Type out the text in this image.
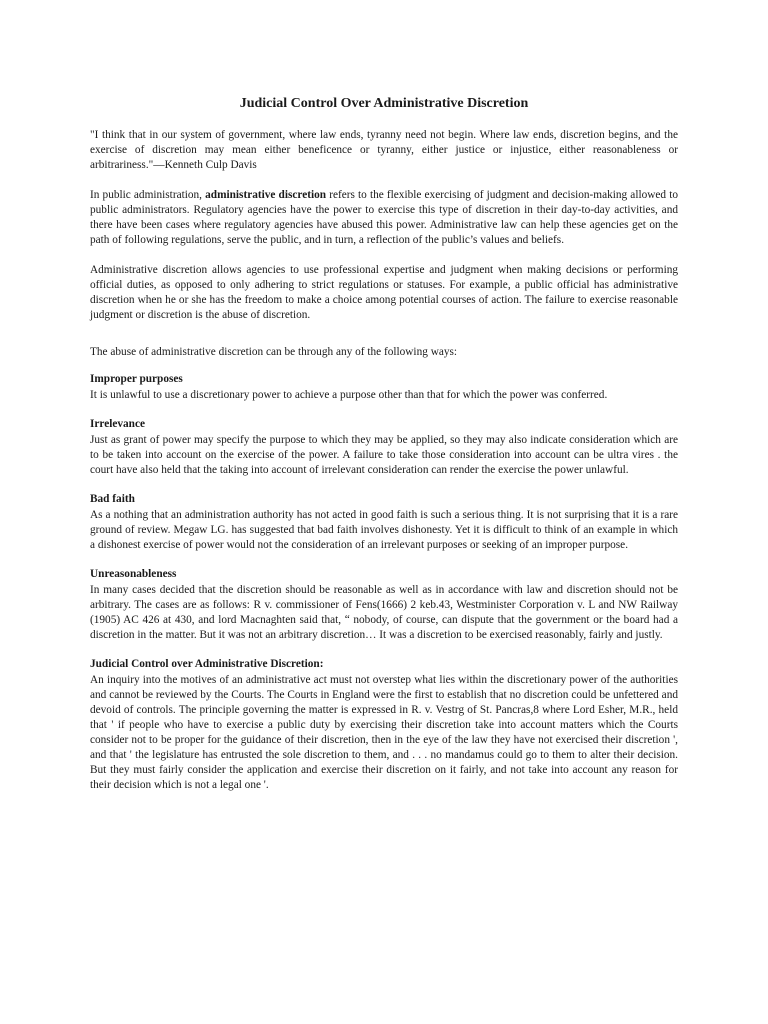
Judicial Control Over Administrative Discretion

"I think that in our system of government, where law ends, tyranny need not begin. Where law ends, discretion begins, and the exercise of discretion may mean either beneficence or tyranny, either justice or injustice, either reasonableness or arbitrariness."—Kenneth Culp Davis

In public administration, administrative discretion refers to the flexible exercising of judgment and decision-making allowed to public administrators. Regulatory agencies have the power to exercise this type of discretion in their day-to-day activities, and there have been cases where regulatory agencies have abused this power. Administrative law can help these agencies get on the path of following regulations, serve the public, and in turn, a reflection of the public’s values and beliefs.

Administrative discretion allows agencies to use professional expertise and judgment when making decisions or performing official duties, as opposed to only adhering to strict regulations or statuses. For example, a public official has administrative discretion when he or she has the freedom to make a choice among potential courses of action. The failure to exercise reasonable judgment or discretion is the abuse of discretion.

The abuse of administrative discretion can be through any of the following ways:

Improper purposes

It is unlawful to use a discretionary power to achieve a purpose other than that for which the power was conferred.

Irrelevance

Just as grant of power may specify the purpose to which they may be applied, so they may also indicate consideration which are to be taken into account on the exercise of the power. A failure to take those consideration into account can be ultra vires . the court have also held that the taking into account of irrelevant consideration can render the exercise the power unlawful.

Bad faith

As a nothing that an administration authority has not acted in good faith is such a serious thing. It is not surprising that it is a rare ground of review. Megaw LG. has suggested that bad faith involves dishonesty. Yet it is difficult to think of an example in which a dishonest exercise of power would not the consideration of an irrelevant purposes or seeking of an improper purpose.

Unreasonableness

In many cases decided that the discretion should be reasonable as well as in accordance with law and discretion should not be arbitrary. The cases are as follows: R v. commissioner of Fens(1666) 2 keb.43, Westminister Corporation v. L and NW Railway (1905) AC 426 at 430, and lord Macnaghten said that, “ nobody, of course, can dispute that the government or the board had a discretion in the matter. But it was not an arbitrary discretion… It was a discretion to be exercised reasonably, fairly and justly.

Judicial Control over Administrative Discretion:

An inquiry into the motives of an administrative act must not overstep what lies within the discretionary power of the authorities and cannot be reviewed by the Courts. The Courts in England were the first to establish that no discretion could be unfettered and devoid of controls. The principle governing the matter is expressed in R. v. Vestrg of St. Pancras,8 where Lord Esher, M.R., held that ' if people who have to exercise a public duty by exercising their discretion take into account matters which the Courts consider not to be proper for the guidance of their discretion, then in the eye of the law they have not exercised their discretion ', and that ' the legislature has entrusted the sole discretion to them, and . . . no mandamus could go to them to alter their decision. But they must fairly consider the application and exercise their discretion on it fairly, and not take into account any reason for their decision which is not a legal one '.
